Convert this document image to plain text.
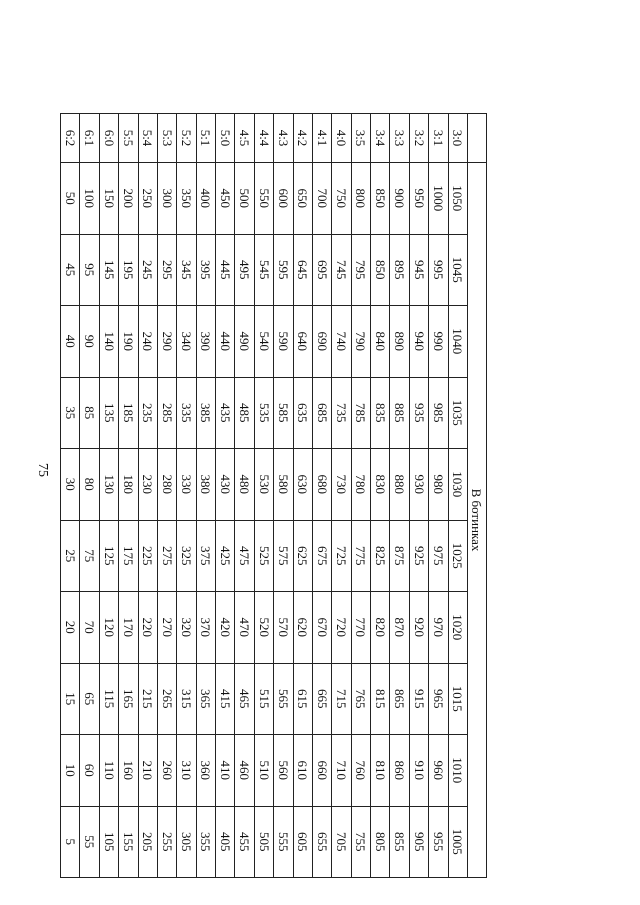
75
	В ботинках									
3:0	1050	1045	1040	1035	1030	1025	1020	1015	1010	1005
3:1	1000	995	990	985	980	975	970	965	960	955
3:2	950	945	940	935	930	925	920	915	910	905
3:3	900	895	890	885	880	875	870	865	860	855
3:4	850	850	840	835	830	825	820	815	810	805
3:5	800	795	790	785	780	775	770	765	760	755
4:0	750	745	740	735	730	725	720	715	710	705
4:1	700	695	690	685	680	675	670	665	660	655
4:2	650	645	640	635	630	625	620	615	610	605
4:3	600	595	590	585	580	575	570	565	560	555
4:4	550	545	540	535	530	525	520	515	510	505
4:5	500	495	490	485	480	475	470	465	460	455
5:0	450	445	440	435	430	425	420	415	410	405
5:1	400	395	390	385	380	375	370	365	360	355
5:2	350	345	340	335	330	325	320	315	310	305
5:3	300	295	290	285	280	275	270	265	260	255
5:4	250	245	240	235	230	225	220	215	210	205
5:5	200	195	190	185	180	175	170	165	160	155
6:0	150	145	140	135	130	125	120	115	110	105
6:1	100	95	90	85	80	75	70	65	60	55
6:2	50	45	40	35	30	25	20	15	10	5
